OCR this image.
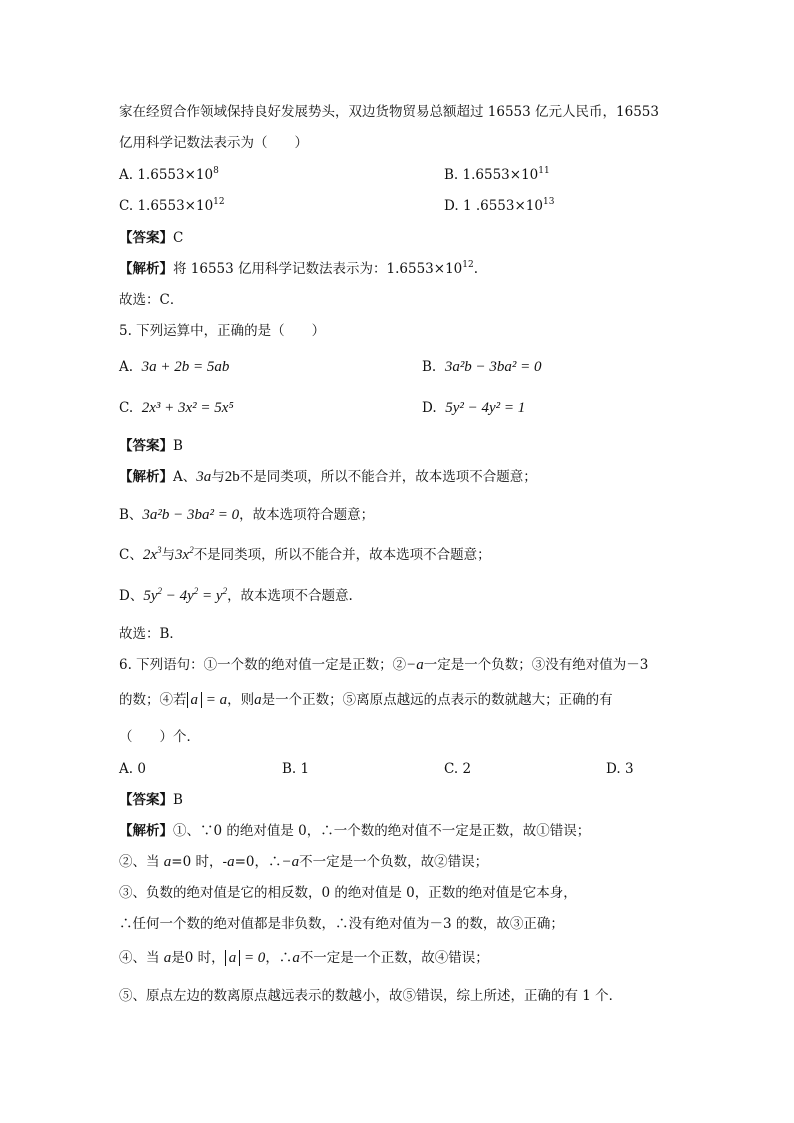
家在经贸合作领域保持良好发展势头，双边货物贸易总额超过 16553 亿元人民币，16553
亿用科学记数法表示为（　　）
A. $1.6553\times 10^8$	B. $1.6553\times 10^{11}$
C. $1.6553\times 10^{12}$	D. 1 $.6553\times 10^{13}$
【答案】C
【解析】将 16553 亿用科学记数法表示为：$1.6553\times 10^{12}$.
故选：C．
5. 下列运算中，正确的是（　　）
A. 3a + 2b = 5ab	B. 3a²b − 3ba² = 0
C. 2x³ + 3x² = 5x⁵	D. 5y² − 4y² = 1
【答案】B
【解析】A、3a与2b不是同类项，所以不能合并，故本选项不合题意；
B、3a²b − 3ba² = 0，故本选项符合题意；
C、$2x^3$与$3x^2$不是同类项，所以不能合并，故本选项不合题意；
D、$5y^2 - 4y^2 = y^2$，故本选项不合题意.
故选：B．
6. 下列语句：①一个数的绝对值一定是正数；②−a一定是一个负数；③没有绝对值为－3
的数；④若 a = a，则a是一个正数；⑤离原点越远的点表示的数就越大；正确的有
（　　）个．
A. 0	B. 1	C. 2	D. 3
【答案】B
【解析】①、∵0 的绝对值是 0，∴一个数的绝对值不一定是正数，故①错误；
②、当 a=0 时，-a=0，∴−a不一定是一个负数，故②错误；
③、负数的绝对值是它的相反数，0 的绝对值是 0，正数的绝对值是它本身，
∴任何一个数的绝对值都是非负数，∴没有绝对值为－3 的数，故③正确；
④、当 a是0 时， a = 0，∴a不一定是一个正数，故④错误；
⑤、原点左边的数离原点越远表示的数越小，故⑤错误，综上所述，正确的有 1 个．
